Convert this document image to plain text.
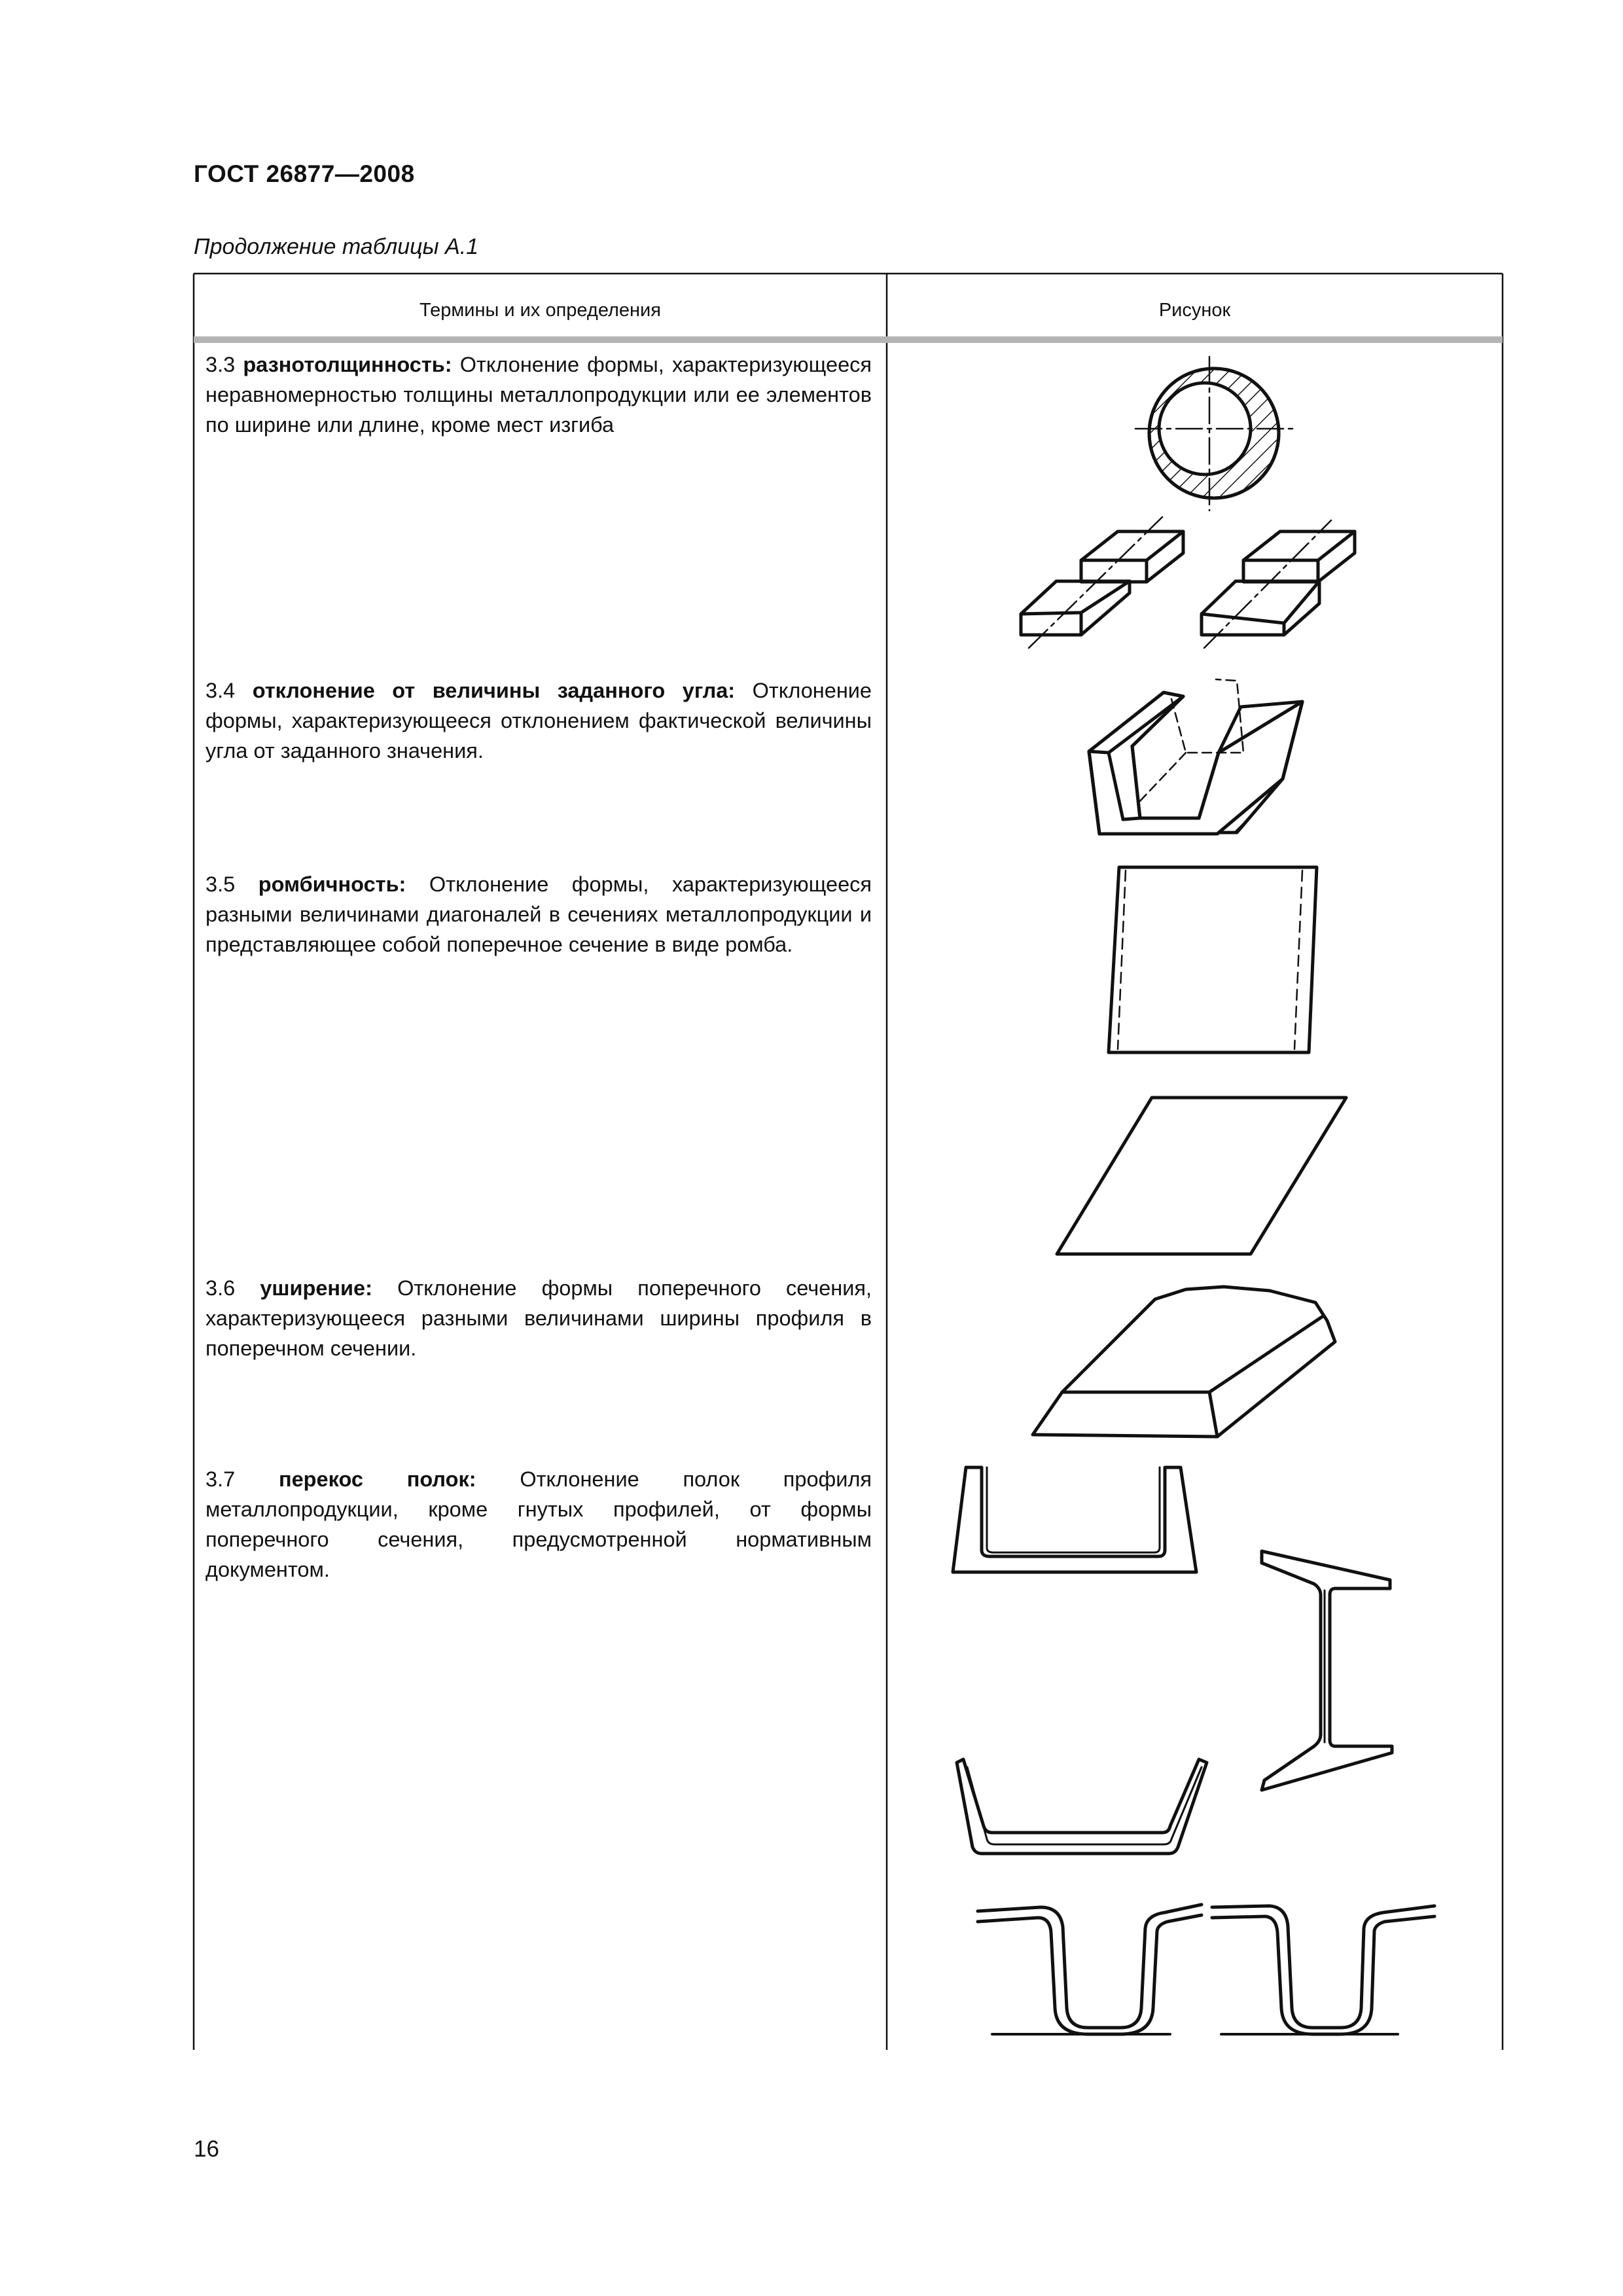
ГОСТ 26877—2008
Продолжение таблицы А.1
Термины и их определения	Рисунок
3.3 разнотолщинность: Отклонение формы, характеризующееся неравномерностью толщины металлопродукции или ее элементов по ширине или длине, кроме мест изгиба
3.4 отклонение от величины заданного угла: Отклонение формы, характеризующееся отклонением фактической величины угла от заданного значения.
3.5 ромбичность: Отклонение формы, характеризующееся разными величинами диагоналей в сечениях металлопродукции и представляющее собой поперечное сечение в виде ромба.
3.6 уширение: Отклонение формы поперечного сечения, характеризующееся разными величинами ширины профиля в поперечном сечении.
3.7 перекос полок: Отклонение полок профиля металлопродукции, кроме гнутых профилей, от формы поперечного сечения, предусмотренной нормативным документом.
16
